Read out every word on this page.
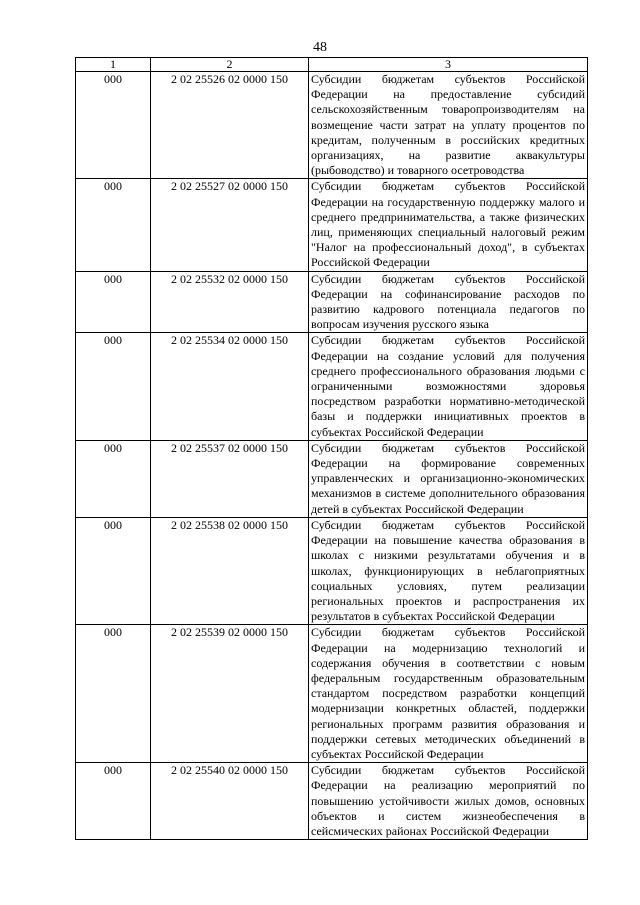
48
1	2	3
000	2 02 25526 02 0000 150	Субсидии бюджетам субъектов Российской Федерации на предоставление субсидий сельскохозяйственным товаропроизводителям на возмещение части затрат на уплату процентов по кредитам, полученным в российских кредитных организациях, на развитие аквакультуры (рыбоводство) и товарного осетроводства
000	2 02 25527 02 0000 150	Субсидии бюджетам субъектов Российской Федерации на государственную поддержку малого и среднего предпринимательства, а также физических лиц, применяющих специальный налоговый режим "Налог на профессиональный доход", в субъектах Российской Федерации
000	2 02 25532 02 0000 150	Субсидии бюджетам субъектов Российской Федерации на софинансирование расходов по развитию кадрового потенциала педагогов по вопросам изучения русского языка
000	2 02 25534 02 0000 150	Субсидии бюджетам субъектов Российской Федерации на создание условий для получения среднего профессионального образования людьми с ограниченными возможностями здоровья посредством разработки нормативно-методической базы и поддержки инициативных проектов в субъектах Российской Федерации
000	2 02 25537 02 0000 150	Субсидии бюджетам субъектов Российской Федерации на формирование современных управленческих и организационно-экономических механизмов в системе дополнительного образования детей в субъектах Российской Федерации
000	2 02 25538 02 0000 150	Субсидии бюджетам субъектов Российской Федерации на повышение качества образования в школах с низкими результатами обучения и в школах, функционирующих в неблагоприятных социальных условиях, путем реализации региональных проектов и распространения их результатов в субъектах Российской Федерации
000	2 02 25539 02 0000 150	Субсидии бюджетам субъектов Российской Федерации на модернизацию технологий и содержания обучения в соответствии с новым федеральным государственным образовательным стандартом посредством разработки концепций модернизации конкретных областей, поддержки региональных программ развития образования и поддержки сетевых методических объединений в субъектах Российской Федерации
000	2 02 25540 02 0000 150	Субсидии бюджетам субъектов Российской Федерации на реализацию мероприятий по повышению устойчивости жилых домов, основных объектов и систем жизнеобеспечения в сейсмических районах Российской Федерации
